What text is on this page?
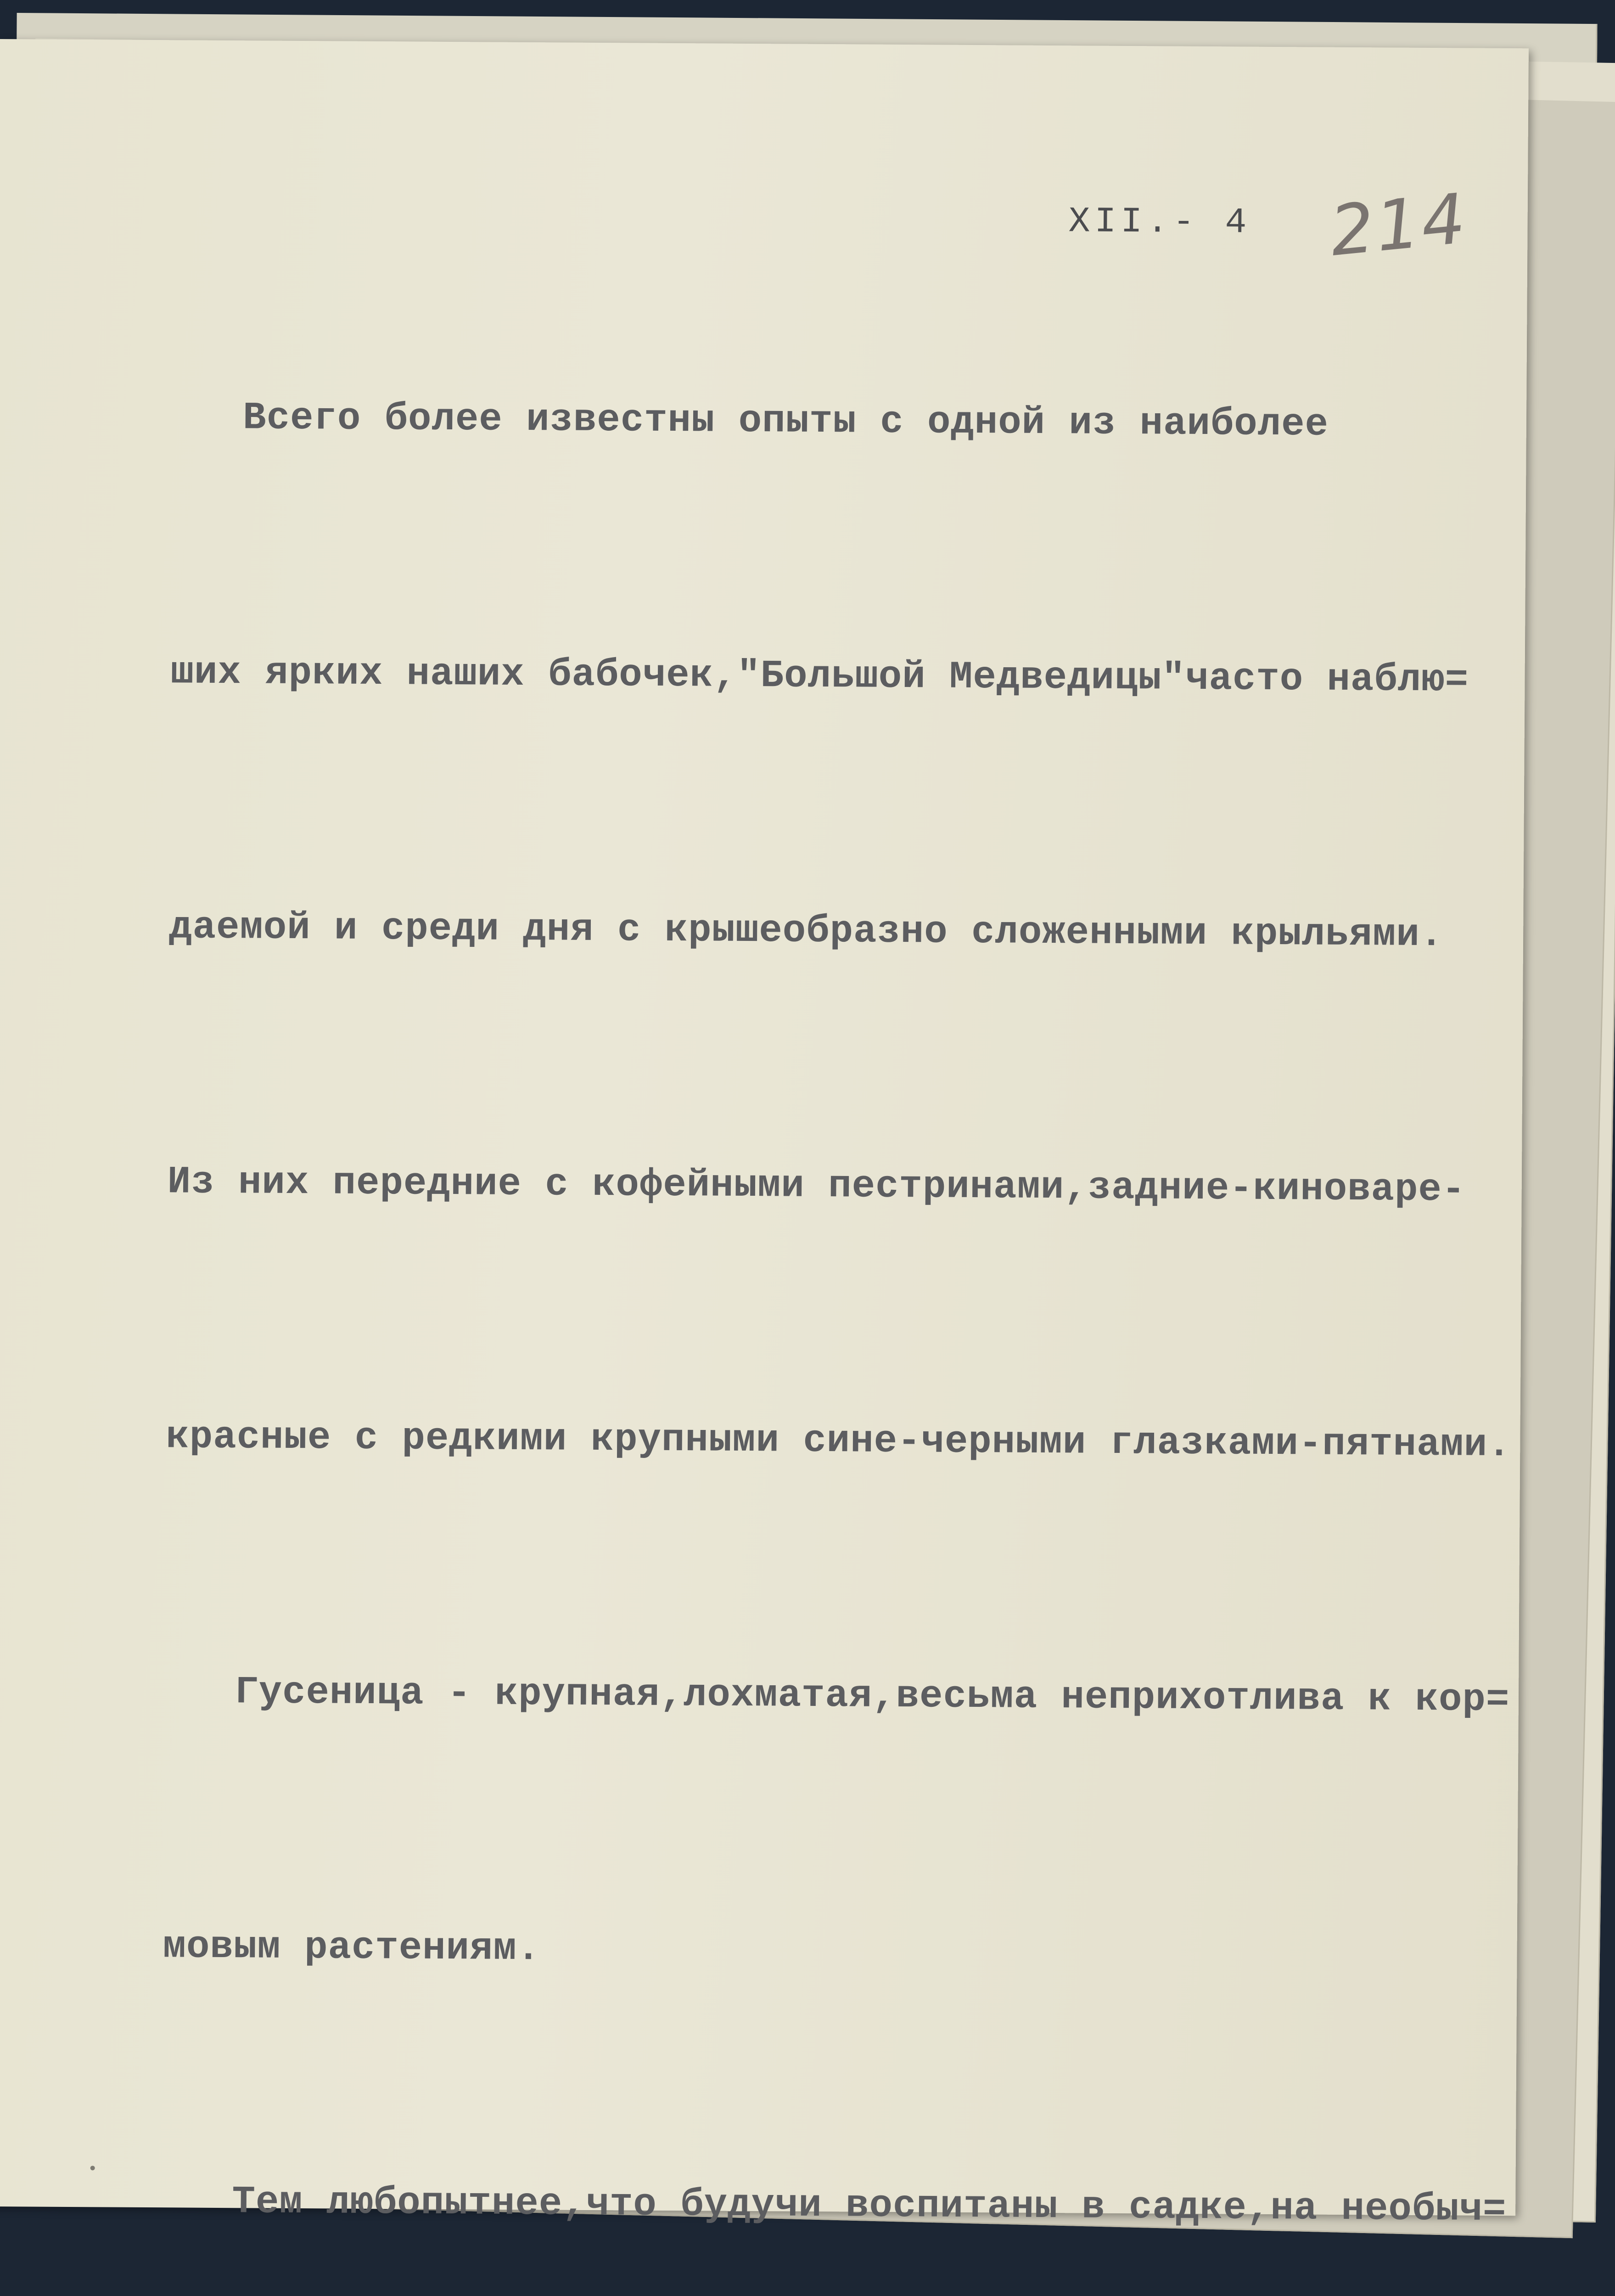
XII.- 4 214

Всего более известны опыты с одной из наиболее

ших ярких наших бабочек,"Большой Медведицы"часто наблю=

даемой и среди дня с крышеобразно сложенными крыльями.

Из них передние с кофейными пестринами,задние-киноваре-

красные с редкими крупными сине-черными глазками-пятнами.

Гусеница - крупная,лохматая,весьма неприхотлива к кор=

мовым растениям.

Тем любопытнее,что будучи воспитаны в садке,на необыч=
